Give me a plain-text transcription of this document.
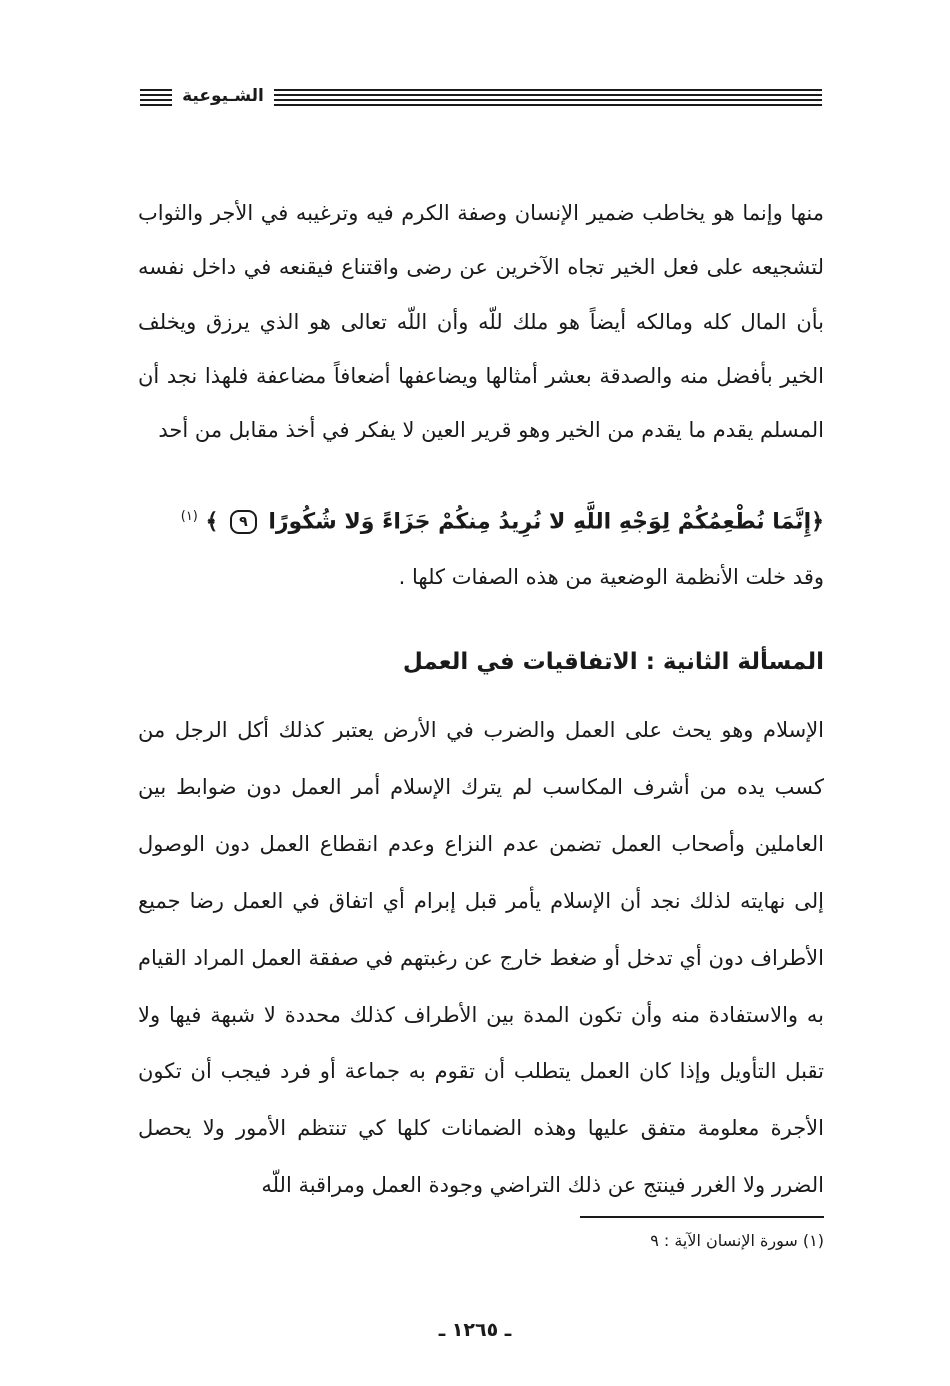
الشـيوعية

منها وإنما هو يخاطب ضمير الإنسان وصفة الكرم فيه وترغيبه في الأجر والثواب لتشجيعه على فعل الخير تجاه الآخرين عن رضى واقتناع فيقنعه في داخل نفسه بأن المال كله ومالكه أيضاً هو ملك للّه وأن اللّه تعالى هو الذي يرزق ويخلف الخير بأفضل منه والصدقة بعشر أمثالها ويضاعفها أضعافاً مضاعفة فلهذا نجد أن المسلم يقدم ما يقدم من الخير وهو قرير العين لا يفكر في أخذ مقابل من أحد

﴿إِنَّمَا نُطْعِمُكُمْ لِوَجْهِ اللَّهِ لا نُرِيدُ مِنكُمْ جَزَاءً وَلا شُكُورًا ٩ ﴾ $^{(١)}$

وقد خلت الأنظمة الوضعية من هذه الصفات كلها .

المسألة الثانية : الاتفاقيات في العمل

الإسلام وهو يحث على العمل والضرب في الأرض يعتبر كذلك أكل الرجل من كسب يده من أشرف المكاسب لم يترك الإسلام أمر العمل دون ضوابط بين العاملين وأصحاب العمل تضمن عدم النزاع وعدم انقطاع العمل دون الوصول إلى نهايته لذلك نجد أن الإسلام يأمر قبل إبرام أي اتفاق في العمل رضا جميع الأطراف دون أي تدخل أو ضغط خارج عن رغبتهم في صفقة العمل المراد القيام به والاستفادة منه وأن تكون المدة بين الأطراف كذلك محددة لا شبهة فيها ولا تقبل التأويل وإذا كان العمل يتطلب أن تقوم به جماعة أو فرد فيجب أن تكون الأجرة معلومة متفق عليها وهذه الضمانات كلها كي تنتظم الأمور ولا يحصل الضرر ولا الغرر فينتج عن ذلك التراضي وجودة العمل ومراقبة اللّه

(١) سورة الإنسان الآية : ٩
ـ ١٢٦٥ ـ
